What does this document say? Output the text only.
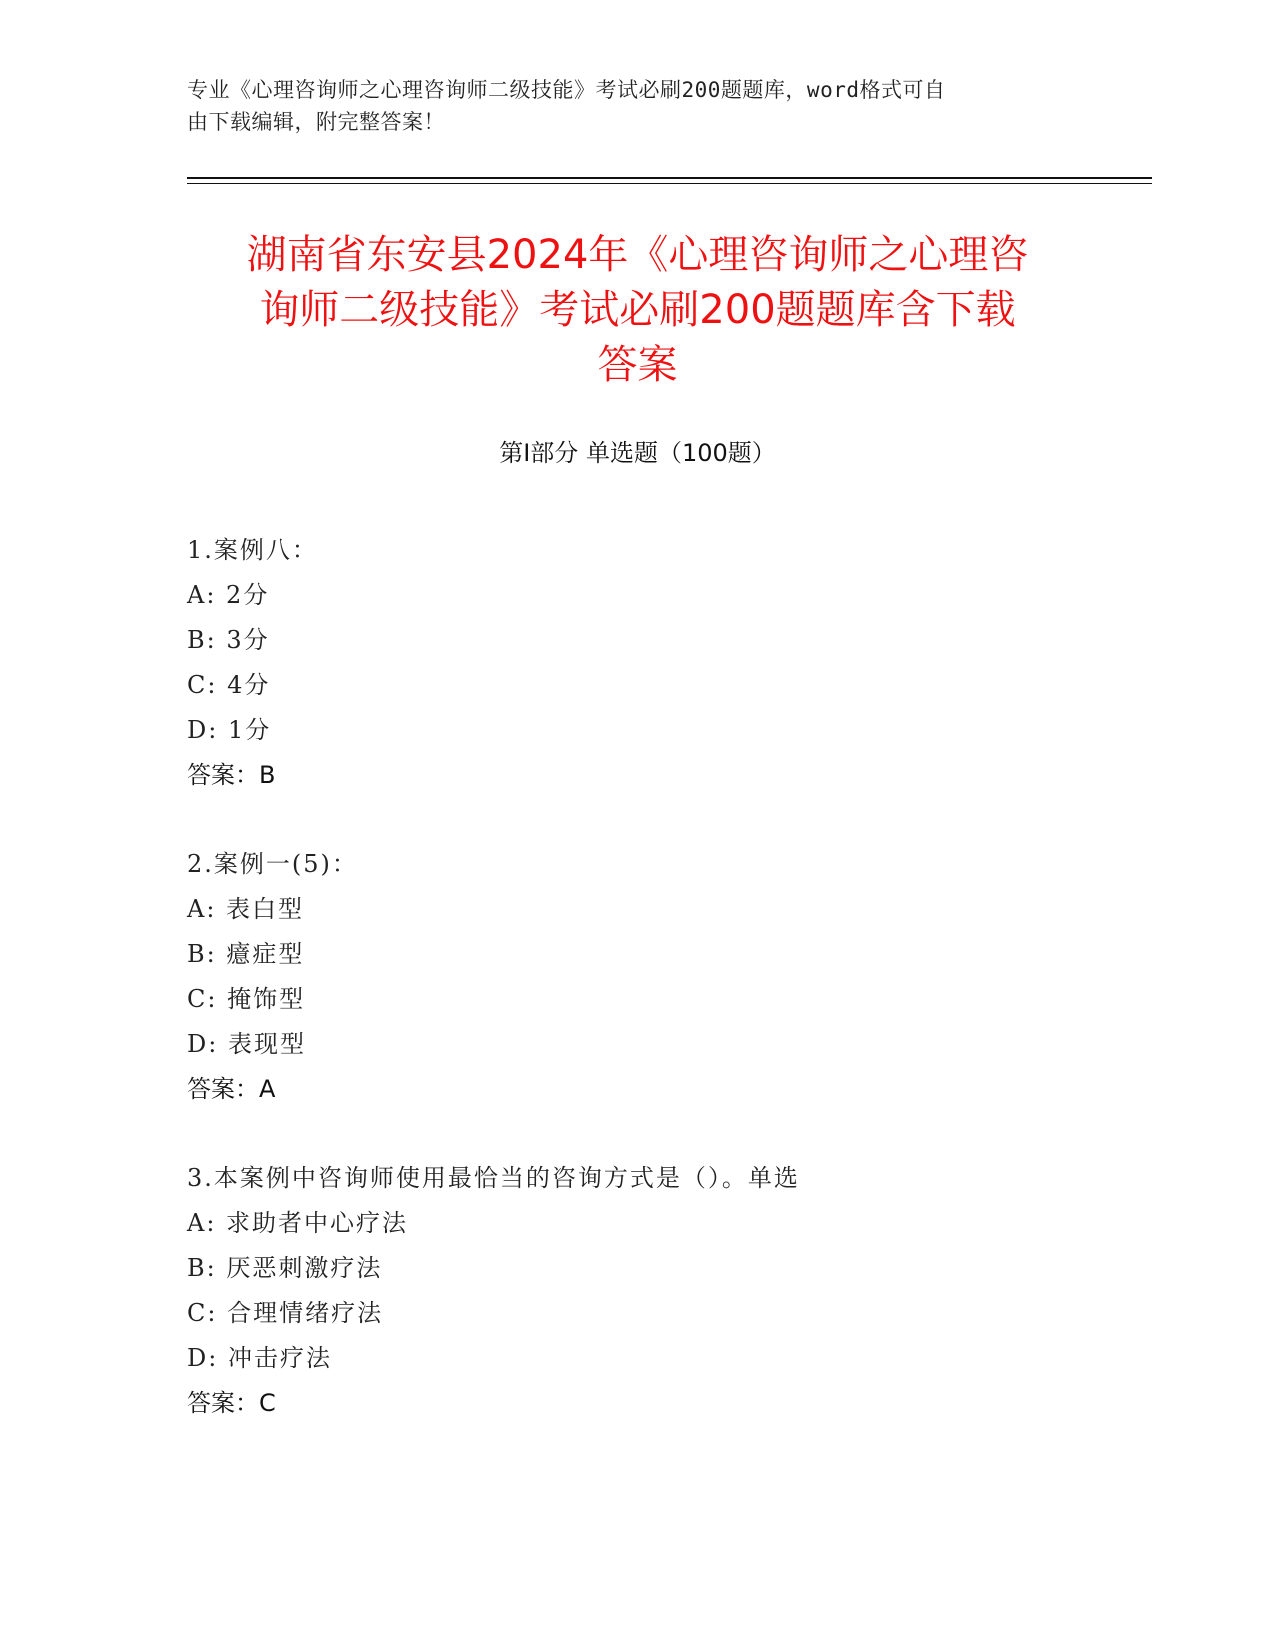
专业《心理咨询师之心理咨询师二级技能》考试必刷200题题库，word格式可自
由下载编辑，附完整答案！
湖南省东安县2024年《心理咨询师之心理咨
询师二级技能》考试必刷200题题库含下载
答案
第I部分 单选题（100题）
1.案例八：
A: 2分
B: 3分
C: 4分
D: 1分
答案：B
2.案例一(5)：
A: 表白型
B: 癔症型
C: 掩饰型
D: 表现型
答案：A
3.本案例中咨询师使用最恰当的咨询方式是（）。单选
A: 求助者中心疗法
B: 厌恶刺激疗法
C: 合理情绪疗法
D: 冲击疗法
答案：C
